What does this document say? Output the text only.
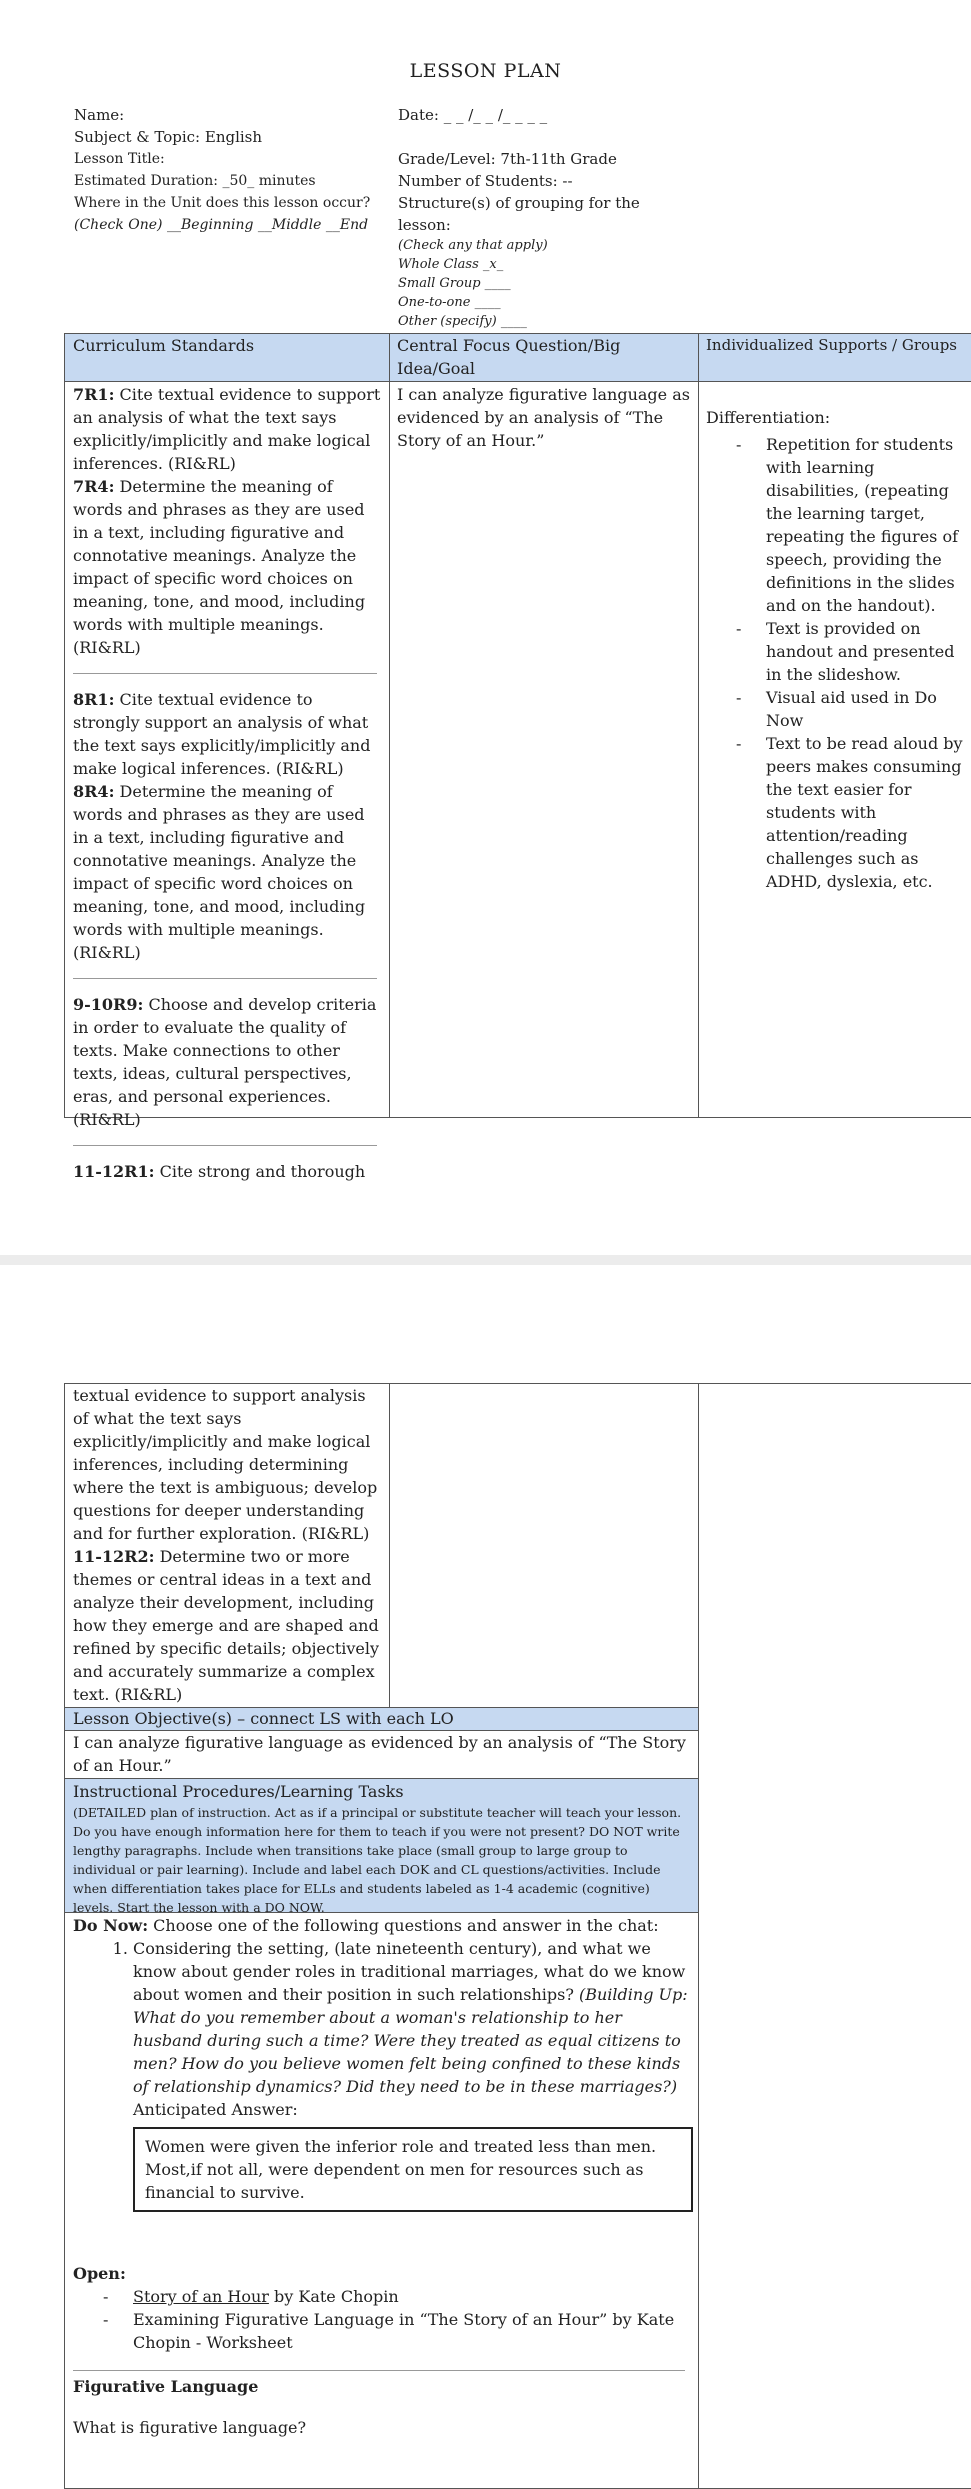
LESSON PLAN
Name:
Subject & Topic: English
Lesson Title:
Estimated Duration: _50_ minutes
Where in the Unit does this lesson occur?
(Check One) __Beginning __Middle __End
Date: _ _ /_ _ /_ _ _ _
Grade/Level: 7th-11th Grade
Number of Students: --
Structure(s) of grouping for the
lesson:
(Check any that apply)
Whole Class _x_
Small Group ____
One-to-one ____
Other (specify) ____
Curriculum Standards	Central Focus Question/Big Idea/Goal
Individualized Supports / Groups

7R1: Cite textual evidence to support an analysis of what the text says explicitly/implicitly and make logical inferences. (RI&RL)

7R4: Determine the meaning of words and phrases as they are used in a text, including figurative and connotative meanings. Analyze the impact of specific word choices on meaning, tone, and mood, including words with multiple meanings. (RI&RL)

8R1: Cite textual evidence to strongly support an analysis of what the text says explicitly/implicitly and make logical inferences. (RI&RL)

8R4: Determine the meaning of words and phrases as they are used in a text, including figurative and connotative meanings. Analyze the impact of specific word choices on meaning, tone, and mood, including words with multiple meanings. (RI&RL)

9-10R9: Choose and develop criteria in order to evaluate the quality of texts. Make connections to other texts, ideas, cultural perspectives, eras, and personal experiences. (RI&RL)

11-12R1: Cite strong and thorough

I can analyze figurative language as evidenced by an analysis of “The Story of an Hour.”
Differentiation:
- Repetition for students with learning disabilities, (repeating the learning target, repeating the figures of speech, providing the definitions in the slides and on the handout).
- Text is provided on handout and presented in the slideshow.
- Visual aid used in Do Now
- Text to be read aloud by peers makes consuming the text easier for students with attention/reading challenges such as ADHD, dyslexia, etc.

textual evidence to support analysis of what the text says explicitly/implicitly and make logical inferences, including determining where the text is ambiguous; develop questions for deeper understanding and for further exploration. (RI&RL)

11-12R2: Determine two or more themes or central ideas in a text and analyze their development, including how they emerge and are shaped and refined by specific details; objectively and accurately summarize a complex text. (RI&RL)

Lesson Objective(s) – connect LS with each LO
I can analyze figurative language as evidenced by an analysis of “The Story of an Hour.”
Instructional Procedures/Learning Tasks
(DETAILED plan of instruction. Act as if a principal or substitute teacher will teach your lesson. Do you have enough information here for them to teach if you were not present? DO NOT write lengthy paragraphs. Include when transitions take place (small group to large group to individual or pair learning). Include and label each DOK and CL questions/activities. Include when differentiation takes place for ELLs and students labeled as 1-4 academic (cognitive) levels. Start the lesson with a DO NOW.

Do Now: Choose one of the following questions and answer in the chat:

1. Considering the setting, (late nineteenth century), and what we know about gender roles in traditional marriages, what do we know about women and their position in such relationships? (Building Up: What do you remember about a woman's relationship to her husband during such a time? Were they treated as equal citizens to men? How do you believe women felt being confined to these kinds of relationship dynamics? Did they need to be in these marriages?)
Anticipated Answer:
Women were given the inferior role and treated less than men. Most,if not all, were dependent on men for resources such as financial to survive.

Open:

- Story of an Hour by Kate Chopin
- Examining Figurative Language in “The Story of an Hour” by Kate Chopin - Worksheet

Figurative Language

What is figurative language?
